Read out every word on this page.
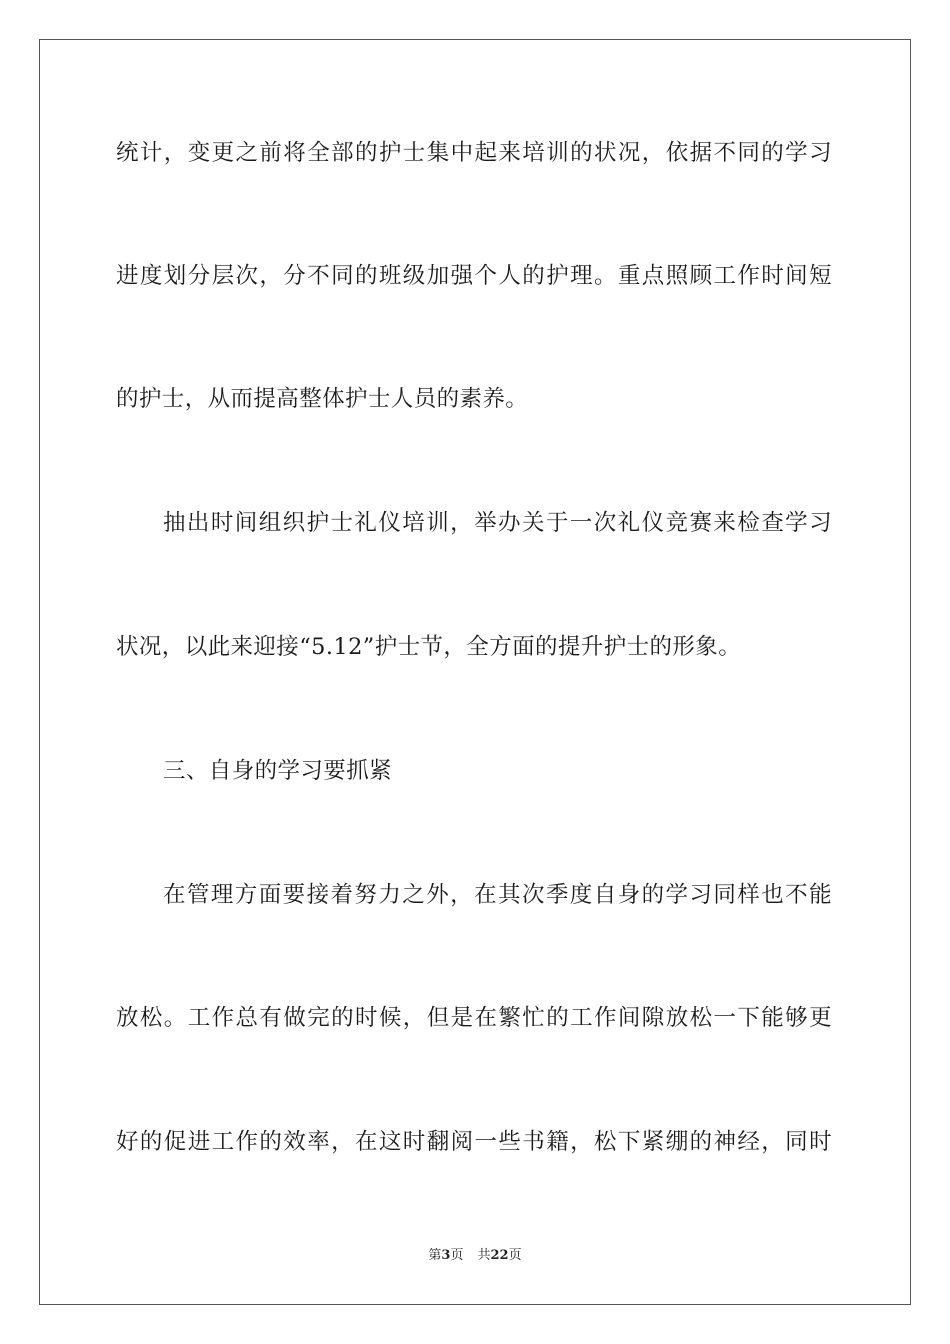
统计，变更之前将全部的护士集中起来培训的状况，依据不同的学习
进度划分层次，分不同的班级加强个人的护理。重点照顾工作时间短
的护士，从而提高整体护士人员的素养。
抽出时间组织护士礼仪培训，举办关于一次礼仪竞赛来检查学习
状况，以此来迎接“5.12”护士节，全方面的提升护士的形象。
三、自身的学习要抓紧
在管理方面要接着努力之外，在其次季度自身的学习同样也不能
放松。工作总有做完的时候，但是在繁忙的工作间隙放松一下能够更
好的促进工作的效率，在这时翻阅一些书籍，松下紧绷的神经，同时
第3页 共22页
